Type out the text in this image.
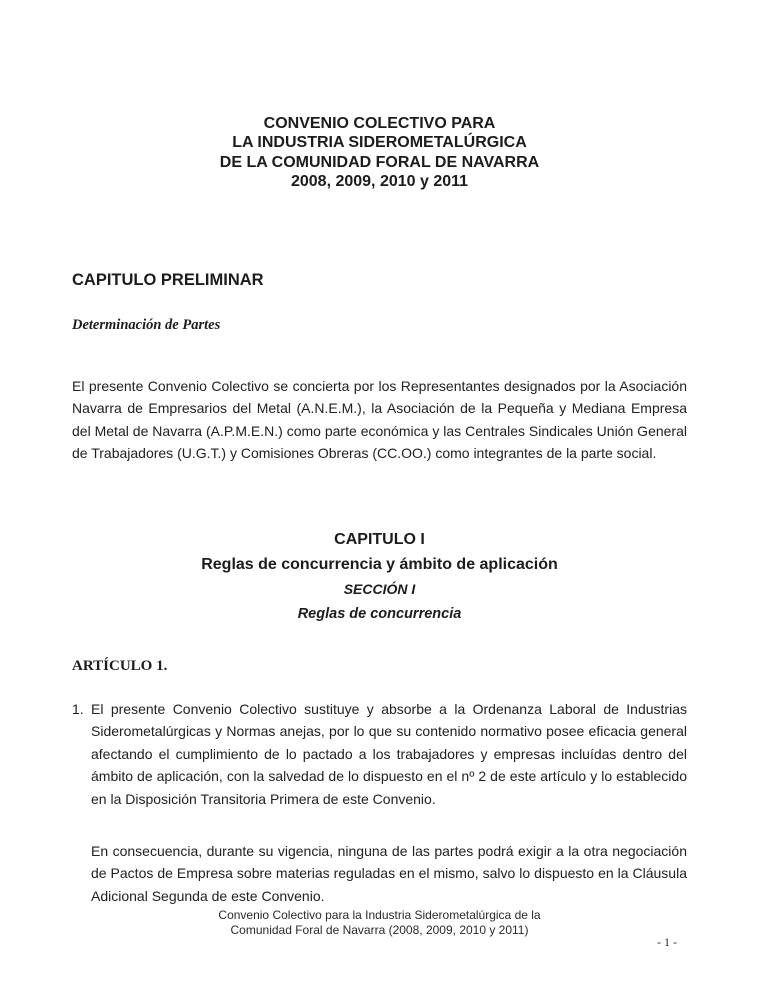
CONVENIO COLECTIVO PARA
LA INDUSTRIA SIDEROMETALÚRGICA
DE LA COMUNIDAD FORAL DE NAVARRA
2008, 2009, 2010 y 2011
CAPITULO PRELIMINAR
Determinación de Partes

El presente Convenio Colectivo se concierta por los Representantes designados por la Asociación Navarra de Empresarios del Metal (A.N.E.M.), la Asociación de la Pequeña y Mediana Empresa del Metal de Navarra (A.P.M.E.N.) como parte económica y las Centrales Sindicales Unión General de Trabajadores (U.G.T.) y Comisiones Obreras (CC.OO.) como integrantes de la parte social.

CAPITULO I
Reglas de concurrencia y ámbito de aplicación
SECCIÓN I
Reglas de concurrencia
ARTÍCULO 1.
1. El presente Convenio Colectivo sustituye y absorbe a la Ordenanza Laboral de Industrias Siderometalúrgicas y Normas anejas, por lo que su contenido normativo posee eficacia general afectando el cumplimiento de lo pactado a los trabajadores y empresas incluídas dentro del ámbito de aplicación, con la salvedad de lo dispuesto en el nº 2 de este artículo y lo establecido en la Disposición Transitoria Primera de este Convenio.

En consecuencia, durante su vigencia, ninguna de las partes podrá exigir a la otra negociación de Pactos de Empresa sobre materias reguladas en el mismo, salvo lo dispuesto en la Cláusula Adicional Segunda de este Convenio.

Convenio Colectivo para la Industria Siderometalúrgica de la
Comunidad Foral de Navarra (2008, 2009, 2010 y 2011)
- 1 -
